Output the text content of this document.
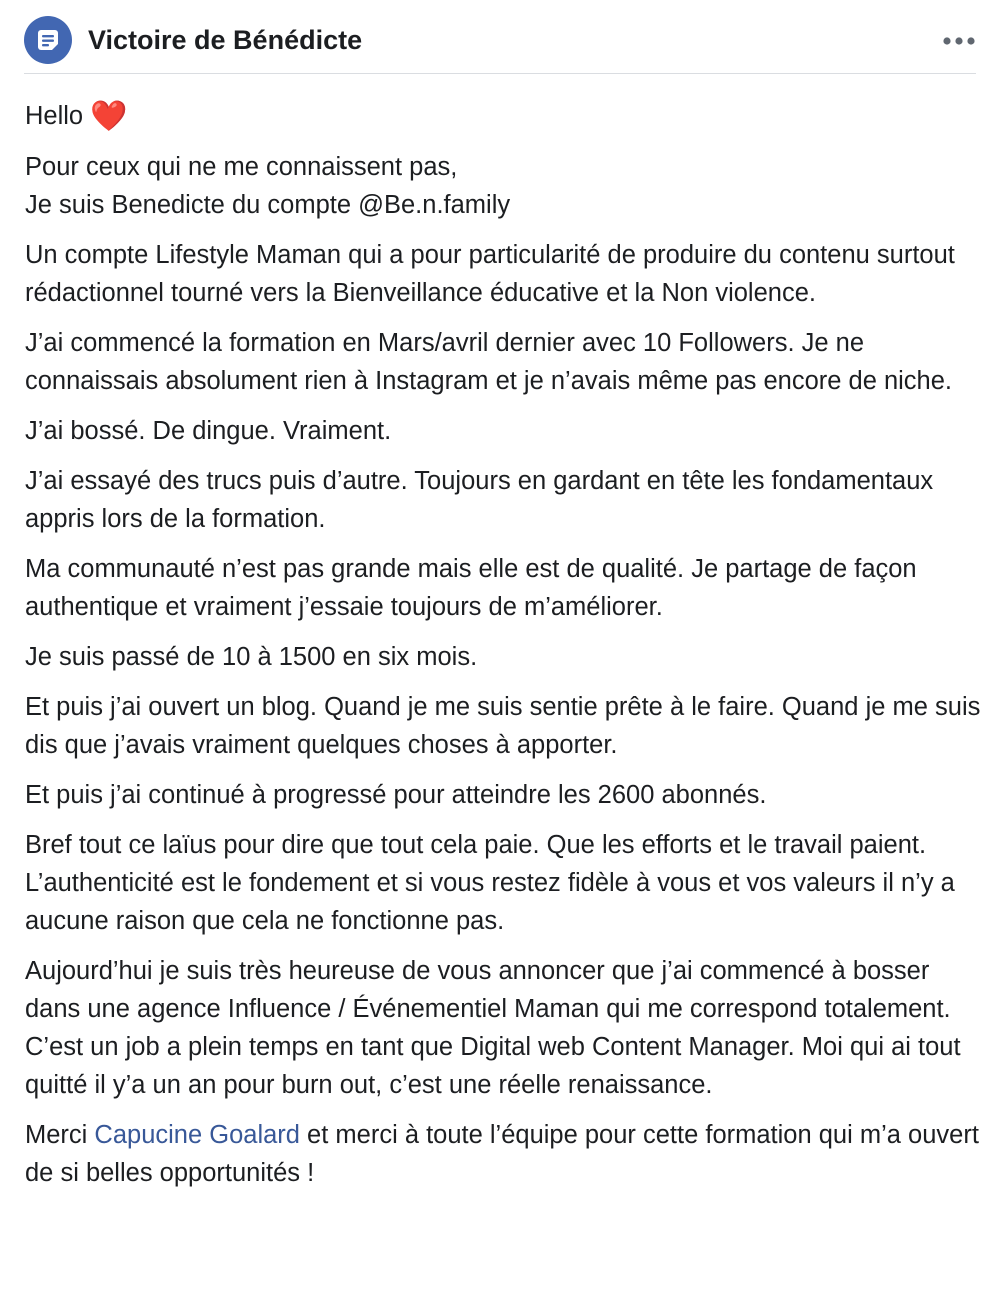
Victoire de Bénédicte

Hello ❤️

Pour ceux qui ne me connaissent pas,
Je suis Benedicte du compte @Be.n.family

Un compte Lifestyle Maman qui a pour particularité de produire du contenu surtout rédactionnel tourné vers la Bienveillance éducative et la Non violence.

J’ai commencé la formation en Mars/avril dernier avec 10 Followers. Je ne connaissais absolument rien à Instagram et je n’avais même pas encore de niche.

J’ai bossé. De dingue. Vraiment.

J’ai essayé des trucs puis d’autre. Toujours en gardant en tête les fondamentaux appris lors de la formation.

Ma communauté n’est pas grande mais elle est de qualité. Je partage de façon authentique et vraiment j’essaie toujours de m’améliorer.

Je suis passé de 10 à 1500 en six mois.

Et puis j’ai ouvert un blog. Quand je me suis sentie prête à le faire. Quand je me suis dis que j’avais vraiment quelques choses à apporter.

Et puis j’ai continué à progressé pour atteindre les 2600 abonnés.

Bref tout ce laïus pour dire que tout cela paie. Que les efforts et le travail paient. L’authenticité est le fondement et si vous restez fidèle à vous et vos valeurs il n’y a aucune raison que cela ne fonctionne pas.

Aujourd’hui je suis très heureuse de vous annoncer que j’ai commencé à bosser dans une agence Influence / Événementiel Maman qui me correspond totalement. C’est un job a plein temps en tant que Digital web Content Manager. Moi qui ai tout quitté il y’a un an pour burn out, c’est une réelle renaissance.

Merci Capucine Goalard et merci à toute l’équipe pour cette formation qui m’a ouvert de si belles opportunités !
